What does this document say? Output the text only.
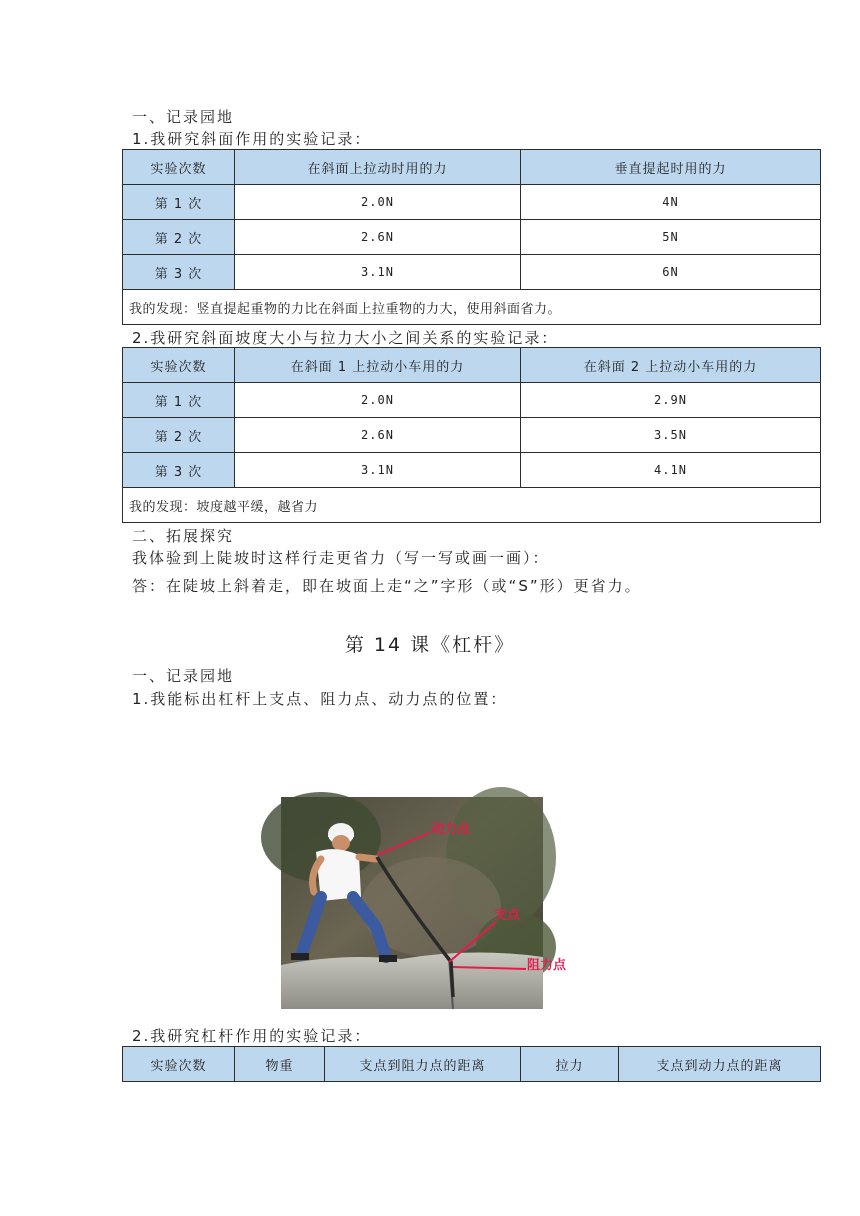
一、记录园地
1.我研究斜面作用的实验记录：
实验次数	在斜面上拉动时用的力	垂直提起时用的力
第 1 次	2.0N	4N
第 2 次	2.6N	5N
第 3 次	3.1N	6N
我的发现：竖直提起重物的力比在斜面上拉重物的力大，使用斜面省力。		
2.我研究斜面坡度大小与拉力大小之间关系的实验记录：
实验次数	在斜面 1 上拉动小车用的力	在斜面 2 上拉动小车用的力
第 1 次	2.0N	2.9N
第 2 次	2.6N	3.5N
第 3 次	3.1N	4.1N
我的发现：坡度越平缓，越省力		
二、拓展探究
我体验到上陡坡时这样行走更省力（写一写或画一画）：
答：在陡坡上斜着走，即在坡面上走“之”字形（或“S”形）更省力。
第 14 课《杠杆》
一、记录园地
1.我能标出杠杆上支点、阻力点、动力点的位置：
动力点
支点
阻力点
2.我研究杠杆作用的实验记录：
实验次数	物重	支点到阻力点的距离	拉力	支点到动力点的距离
